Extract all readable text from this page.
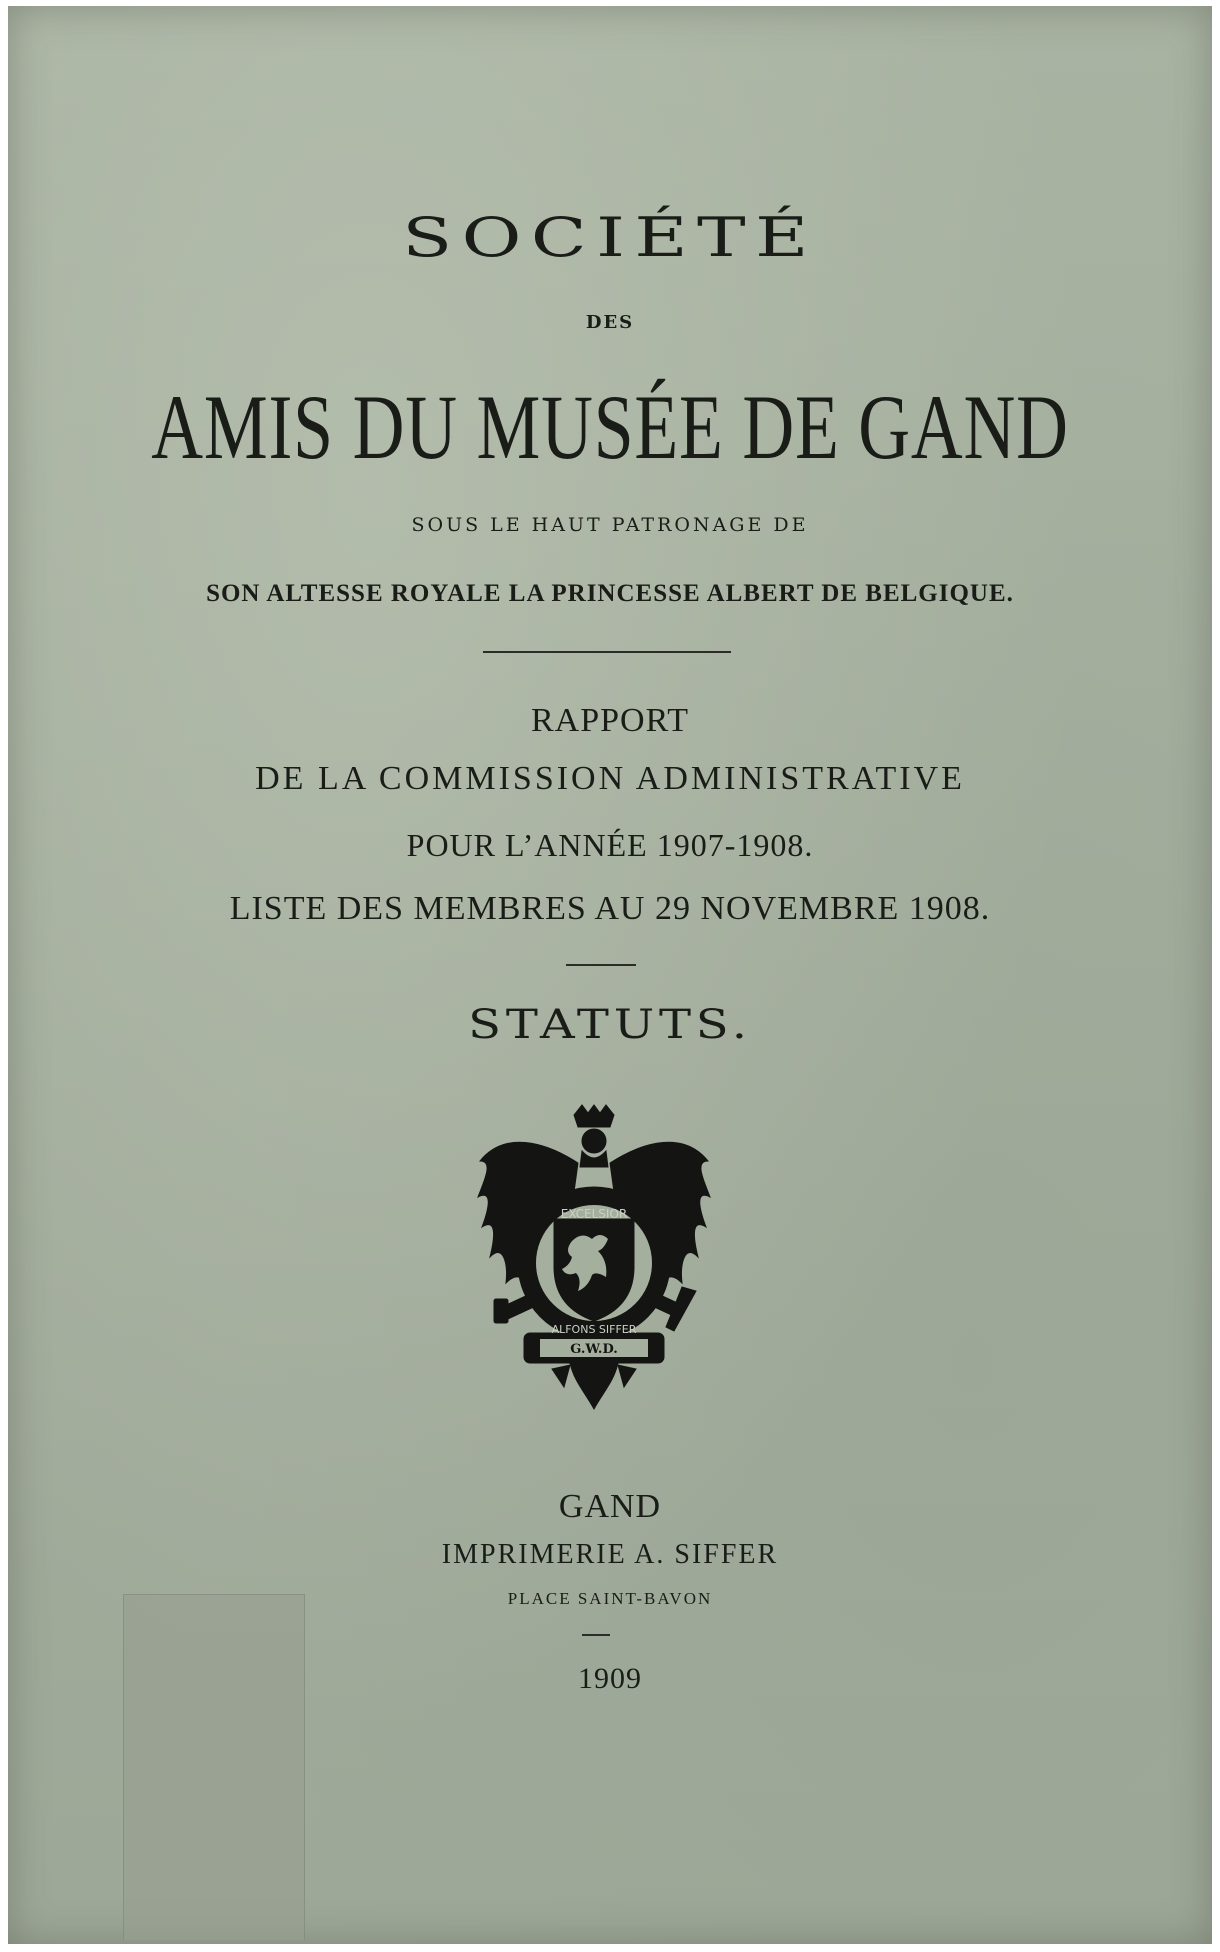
SOCIÉTÉ
DES
AMIS DU MUSÉE DE GAND
SOUS LE HAUT PATRONAGE DE
SON ALTESSE ROYALE LA PRINCESSE ALBERT DE BELGIQUE.
RAPPORT
DE LA COMMISSION ADMINISTRATIVE
POUR L’ANNÉE 1907-1908.
LISTE DES MEMBRES AU 29 NOVEMBRE 1908.
STATUTS.
EXCELSIOR
ALFONS SIFFER
G.W.D.
GAND
IMPRIMERIE A. SIFFER
PLACE SAINT-BAVON
1909
